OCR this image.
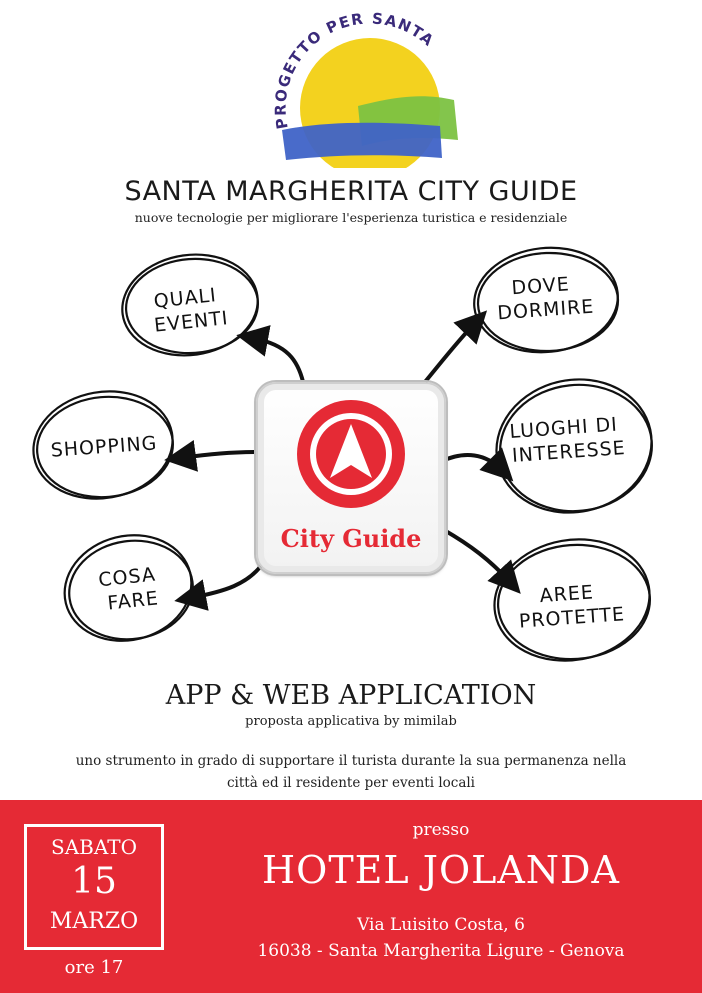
PROGETTO PER SANTA
SANTA MARGHERITA CITY GUIDE
nuove tecnologie per migliorare l'esperienza turistica e residenziale
QUALI EVENTI
SHOPPING
COSA FARE
DOVE DORMIRE
LUOGHI DI INTERESSE
AREE PROTETTE
City Guide
APP & WEB APPLICATION
proposta applicativa by mimilab
uno strumento in grado di supportare il turista durante la sua permanenza nella
città ed il residente per eventi locali
SABATO
15
MARZO
ore 17
presso
HOTEL JOLANDA
Via Luisito Costa, 6
16038 - Santa Margherita Ligure - Genova
